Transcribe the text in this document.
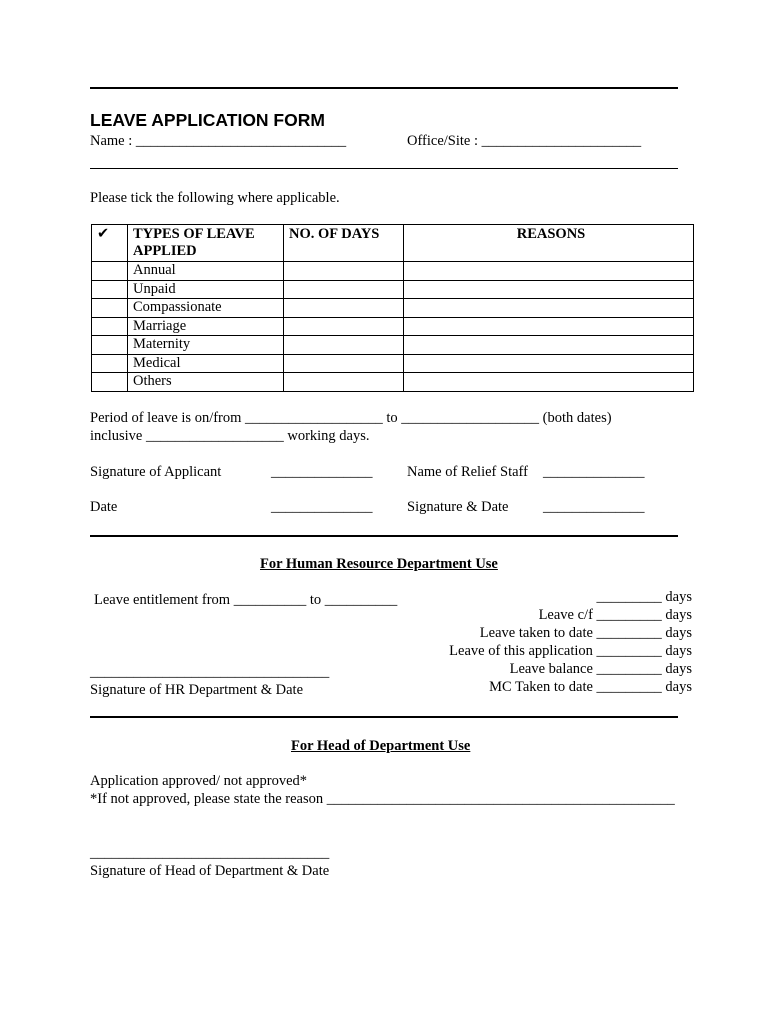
LEAVE APPLICATION FORM
Name : _____________________________	Office/Site : ______________________
Please tick the following where applicable.
✔	TYPES OF LEAVE APPLIED	NO. OF DAYS	REASONS
	Annual		
	Unpaid		
	Compassionate		
	Marriage		
	Maternity		
	Medical		
	Others		
Period of leave is on/from ___________________ to ___________________ (both dates)
inclusive ___________________ working days.
Signature of Applicant	______________ Name of Relief Staff ______________
Date	______________ Signature & Date ______________
For Human Resource Department Use
Leave entitlement from __________ to __________	_________ days
Leave c/f _________ days
Leave taken to date _________ days
Leave of this application _________ days
Leave balance _________ days
MC Taken to date _________ days
_________________________________
Signature of HR Department & Date
For Head of Department Use
Application approved/ not approved*
*If not approved, please state the reason ________________________________________________
_________________________________
Signature of Head of Department & Date
